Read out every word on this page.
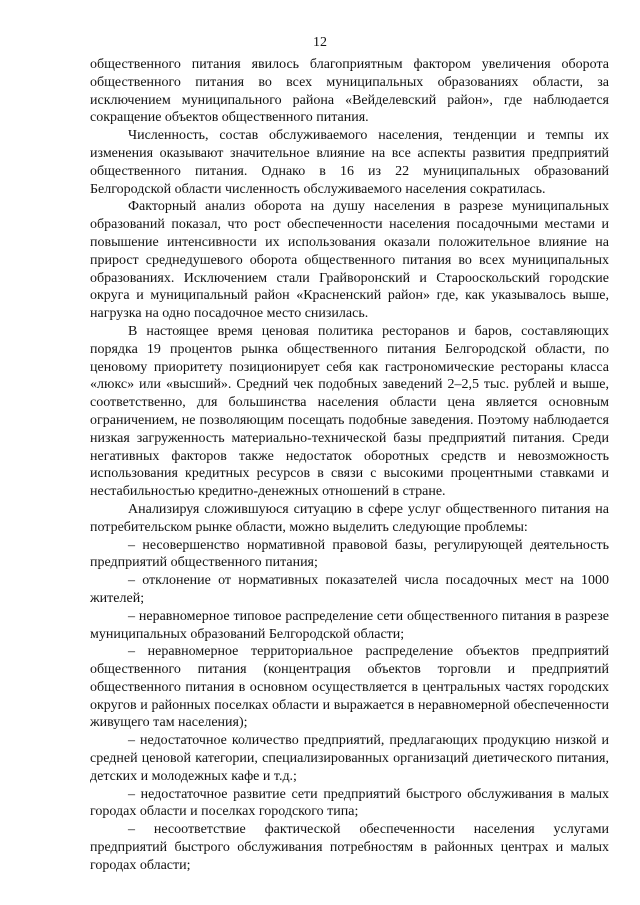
12

общественного питания явилось благоприятным фактором увеличения оборота общественного питания во всех муниципальных образованиях области, за исключением муниципального района «Вейделевский район», где наблюдается сокращение объектов общественного питания.

Численность, состав обслуживаемого населения, тенденции и темпы их изменения оказывают значительное влияние на все аспекты развития предприятий общественного питания. Однако в 16 из 22 муниципальных образований Белгородской области численность обслуживаемого населения сократилась.

Факторный анализ оборота на душу населения в разрезе муниципальных образований показал, что рост обеспеченности населения посадочными местами и повышение интенсивности их использования оказали положительное влияние на прирост среднедушевого оборота общественного питания во всех муниципальных образованиях. Исключением стали Грайворонский и Старооскольский городские округа и муниципальный район «Красненский район» где, как указывалось выше, нагрузка на одно посадочное место снизилась.

В настоящее время ценовая политика ресторанов и баров, составляющих порядка 19 процентов рынка общественного питания Белгородской области, по ценовому приоритету позиционирует себя как гастрономические рестораны класса «люкс» или «высший». Средний чек подобных заведений 2–2,5 тыс. рублей и выше, соответственно, для большинства населения области цена является основным ограничением, не позволяющим посещать подобные заведения. Поэтому наблюдается низкая загруженность материально-технической базы предприятий питания. Среди негативных факторов также недостаток оборотных средств и невозможность использования кредитных ресурсов в связи с высокими процентными ставками и нестабильностью кредитно-денежных отношений в стране.

Анализируя сложившуюся ситуацию в сфере услуг общественного питания на потребительском рынке области, можно выделить следующие проблемы:

– несовершенство нормативной правовой базы, регулирующей деятельность предприятий общественного питания;

– отклонение от нормативных показателей числа посадочных мест на 1000 жителей;

– неравномерное типовое распределение сети общественного питания в разрезе муниципальных образований Белгородской области;

– неравномерное территориальное распределение объектов предприятий общественного питания (концентрация объектов торговли и предприятий общественного питания в основном осуществляется в центральных частях городских округов и районных поселках области и выражается в неравномерной обеспеченности живущего там населения);

– недостаточное количество предприятий, предлагающих продукцию низкой и средней ценовой категории, специализированных организаций диетического питания, детских и молодежных кафе и т.д.;

– недостаточное развитие сети предприятий быстрого обслуживания в малых городах области и поселках городского типа;

– несоответствие фактической обеспеченности населения услугами предприятий быстрого обслуживания потребностям в районных центрах и малых городах области;
